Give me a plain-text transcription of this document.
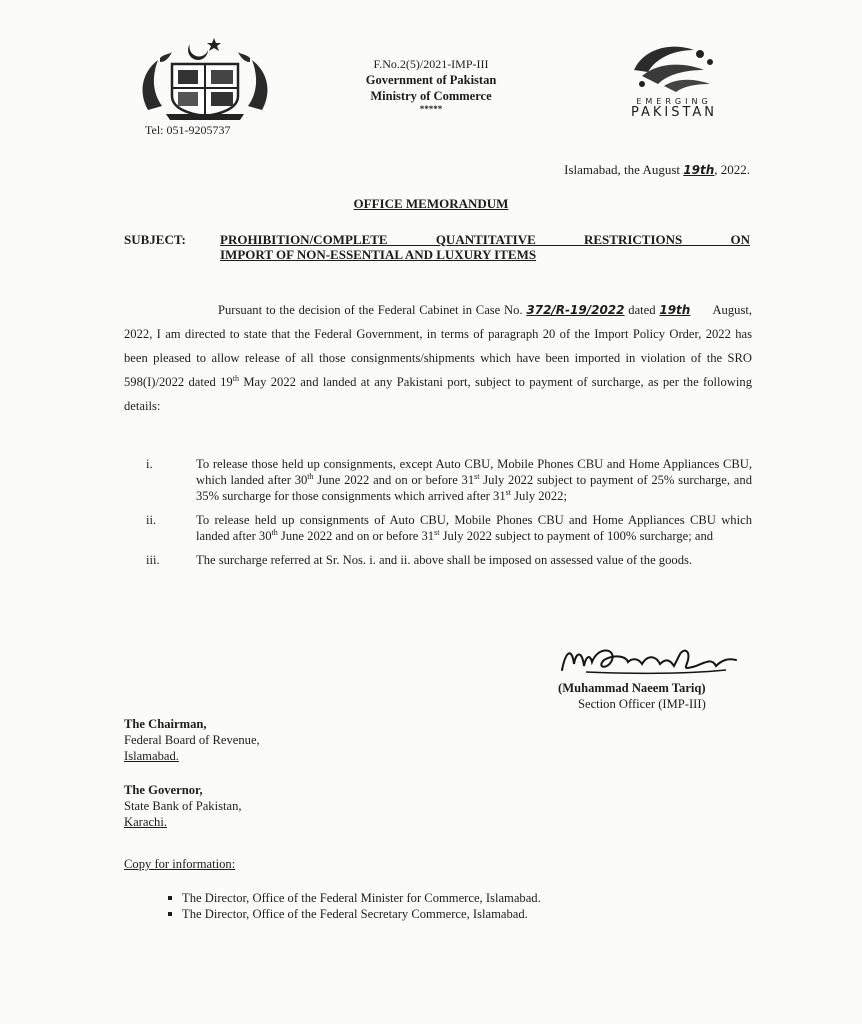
Tel: 051-9205737
F.No.2(5)/2021-IMP-III
Government of Pakistan
Ministry of Commerce
*****
EMERGING
PAKISTAN
Islamabad, the August 19th, 2022.
OFFICE MEMORANDUM
SUBJECT:	PROHIBITION/COMPLETE QUANTITATIVE RESTRICTIONS ON
IMPORT OF NON-ESSENTIAL AND LUXURY ITEMS
Pursuant to the decision of the Federal Cabinet in Case No. 372/R-19/2022 dated 19th August, 2022, I am directed to state that the Federal Government, in terms of paragraph 20 of the Import Policy Order, 2022 has been pleased to allow release of all those consignments/shipments which have been imported in violation of the SRO 598(I)/2022 dated 19th May 2022 and landed at any Pakistani port, subject to payment of surcharge, as per the following details:
i.	To release those held up consignments, except Auto CBU, Mobile Phones CBU and Home Appliances CBU, which landed after 30th June 2022 and on or before 31st July 2022 subject to payment of 25% surcharge, and 35% surcharge for those consignments which arrived after 31st July 2022;
ii.	To release held up consignments of Auto CBU, Mobile Phones CBU and Home Appliances CBU which landed after 30th June 2022 and on or before 31st July 2022 subject to payment of 100% surcharge; and
iii.	The surcharge referred at Sr. Nos. i. and ii. above shall be imposed on assessed value of the goods.
(Muhammad Naeem Tariq)
Section Officer (IMP-III)
The Chairman,
Federal Board of Revenue,
Islamabad.
The Governor,
State Bank of Pakistan,
Karachi.
Copy for information:
The Director, Office of the Federal Minister for Commerce, Islamabad.
The Director, Office of the Federal Secretary Commerce, Islamabad.
